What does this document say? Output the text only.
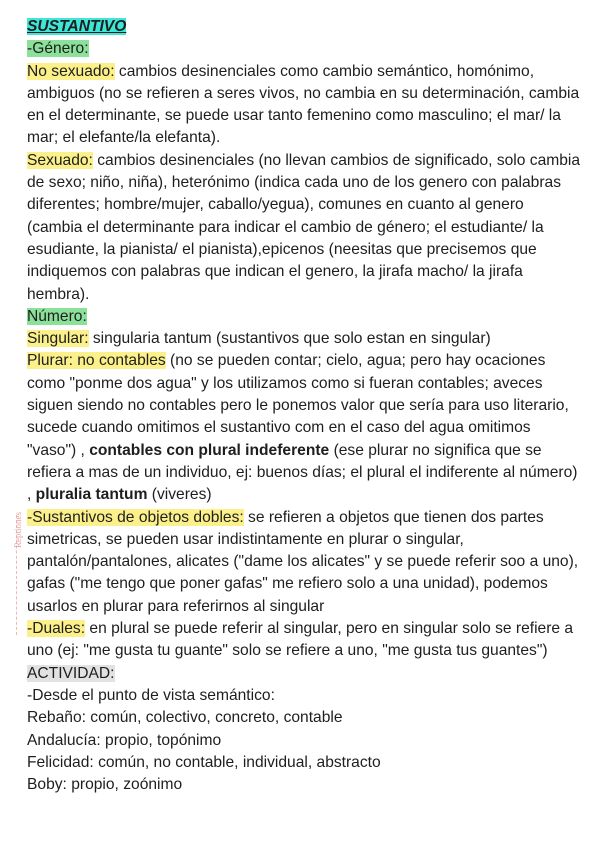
Reptiones

SUSTANTIVO

-Género:

No sexuado: cambios desinenciales como cambio semántico, homónimo, ambiguos (no se refieren a seres vivos, no cambia en su determinación, cambia en el determinante, se puede usar tanto femenino como masculino; el mar/ la mar; el elefante/la elefanta).

Sexuado: cambios desinenciales (no llevan cambios de significado, solo cambia de sexo; niño, niña), heterónimo (indica cada uno de los genero con palabras diferentes; hombre/mujer, caballo/yegua), comunes en cuanto al genero (cambia el determinante para indicar el cambio de género; el estudiante/ la esudiante, la pianista/ el pianista),epicenos (neesitas que precisemos que indiquemos con palabras que indican el genero, la jirafa macho/ la jirafa hembra).

Número:

Singular: singularia tantum (sustantivos que solo estan en singular)

Plurar: no contables (no se pueden contar; cielo, agua; pero hay ocaciones como "ponme dos agua" y los utilizamos como si fueran contables; aveces siguen siendo no contables pero le ponemos valor que sería para uso literario, sucede cuando omitimos el sustantivo com en el caso del agua omitimos "vaso") , contables con plural indeferente (ese plurar no significa que se refiera a mas de un individuo, ej: buenos días; el plural el indiferente al número) , pluralia tantum (viveres)

-Sustantivos de objetos dobles: se refieren a objetos que tienen dos partes simetricas, se pueden usar indistintamente en plurar o singular, pantalón/pantalones, alicates ("dame los alicates" y se puede referir soo a uno), gafas ("me tengo que poner gafas" me refiero solo a una unidad), podemos usarlos en plurar para referirnos al singular

-Duales: en plural se puede referir al singular, pero en singular solo se refiere a uno (ej: "me gusta tu guante" solo se refiere a uno, "me gusta tus guantes")

ACTIVIDAD:

-Desde el punto de vista semántico:

Rebaño: común, colectivo, concreto, contable

Andalucía: propio, topónimo

Felicidad: común, no contable, individual, abstracto

Boby: propio, zoónimo
